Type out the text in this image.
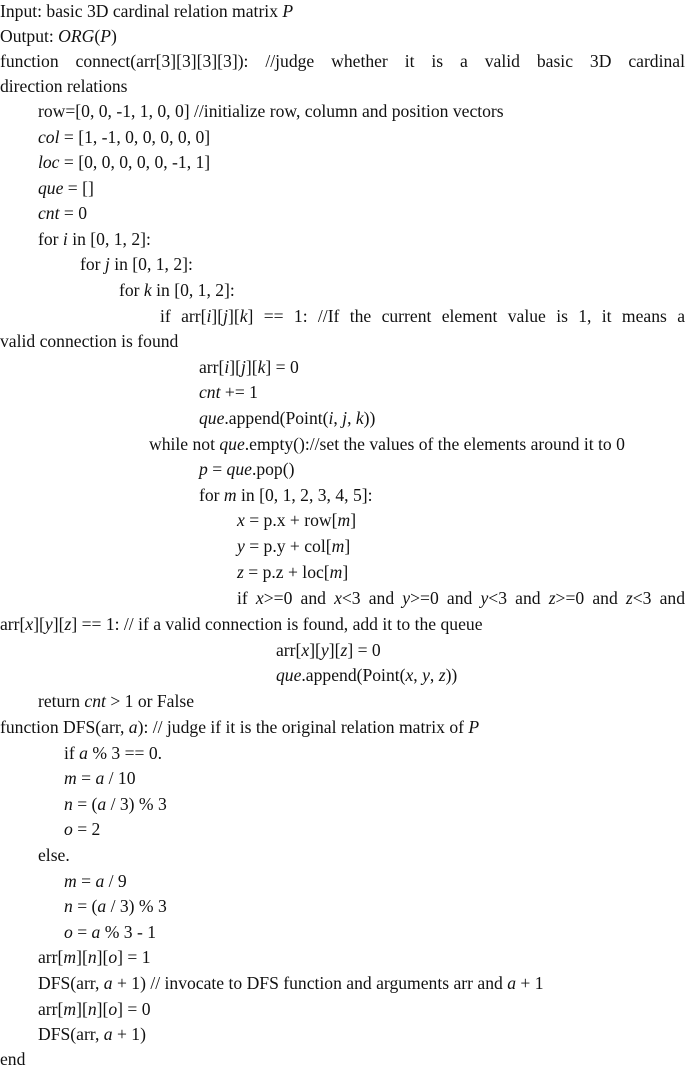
Input: basic 3D cardinal relation matrix P
Output: ORG(P)
function connect(arr[3][3][3][3]): //judge whether it is a valid basic 3D cardinal
direction relations
row=[0, 0, -1, 1, 0, 0] //initialize row, column and position vectors
col = [1, -1, 0, 0, 0, 0, 0]
loc = [0, 0, 0, 0, 0, -1, 1]
que = []
cnt = 0
for i in [0, 1, 2]:
for j in [0, 1, 2]:
for k in [0, 1, 2]:
if arr[i][j][k] == 1: //If the current element value is 1, it means a
valid connection is found
arr[i][j][k] = 0
cnt += 1
que.append(Point(i, j, k))
while not que.empty()://set the values of the elements around it to 0
p = que.pop()
for m in [0, 1, 2, 3, 4, 5]:
x = p.x + row[m]
y = p.y + col[m]
z = p.z + loc[m]
if x>=0 and x<3 and y>=0 and y<3 and z>=0 and z<3 and
arr[x][y][z] == 1: // if a valid connection is found, add it to the queue
arr[x][y][z] = 0
que.append(Point(x, y, z))
return cnt > 1 or False
function DFS(arr, a): // judge if it is the original relation matrix of P
if a % 3 == 0.
m = a / 10
n = (a / 3) % 3
o = 2
else.
m = a / 9
n = (a / 3) % 3
o = a % 3 - 1
arr[m][n][o] = 1
DFS(arr, a + 1) // invocate to DFS function and arguments arr and a + 1
arr[m][n][o] = 0
DFS(arr, a + 1)
end
